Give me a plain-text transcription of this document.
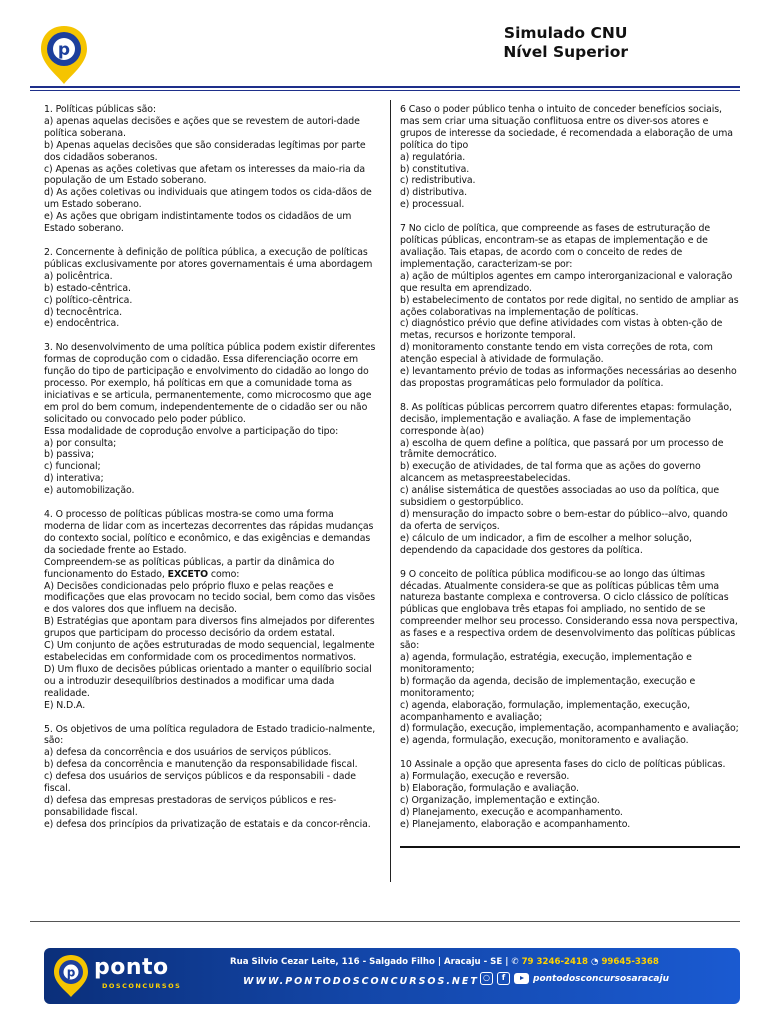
p
Simulado CNU
Nível Superior

1. Políticas públicas são:

a) apenas aquelas decisões e ações que se revestem de autori-dade política soberana.

b) Apenas aquelas decisões que são consideradas legítimas por parte dos cidadãos soberanos.

c) Apenas as ações coletivas que afetam os interesses da maio-ria da população de um Estado soberano.

d) As ações coletivas ou individuais que atingem todos os cida-dãos de um Estado soberano.

e) As ações que obrigam indistintamente todos os cidadãos de um Estado soberano.

2. Concernente à definição de política pública, a execução de políticas públicas exclusivamente por atores governamentais é uma abordagem

a) policêntrica.

b) estado-cêntrica.

c) político-cêntrica.

d) tecnocêntrica.

e) endocêntrica.

3. No desenvolvimento de uma política pública podem existir diferentes formas de coprodução com o cidadão. Essa diferenciação ocorre em função do tipo de participação e envolvimento do cidadão ao longo do processo. Por exemplo, há políticas em que a comunidade toma as iniciativas e se articula, permanentemente, como microcosmo que age em prol do bem comum, independentemente de o cidadão ser ou não solicitado ou convocado pelo poder público.

Essa modalidade de coprodução envolve a participação do tipo:

a) por consulta;

b) passiva;

c) funcional;

d) interativa;

e) automobilização.

4. O processo de políticas públicas mostra-se como uma forma moderna de lidar com as incertezas decorrentes das rápidas mudanças do contexto social, político e econômico, e das exigências e demandas da sociedade frente ao Estado.

Compreendem-se as políticas públicas, a partir da dinâmica do funcionamento do Estado, EXCETO como:

A) Decisões condicionadas pelo próprio fluxo e pelas reações e modificações que elas provocam no tecido social, bem como das visões e dos valores dos que influem na decisão.

B) Estratégias que apontam para diversos fins almejados por diferentes grupos que participam do processo decisório da ordem estatal.

C) Um conjunto de ações estruturadas de modo sequencial, legalmente estabelecidas em conformidade com os procedimentos normativos.

D) Um fluxo de decisões públicas orientado a manter o equilíbrio social ou a introduzir desequilíbrios destinados a modificar uma dada realidade.

E) N.D.A.

5. Os objetivos de uma política reguladora de Estado tradicio-nalmente, são:

a) defesa da concorrência e dos usuários de serviços públicos.

b) defesa da concorrência e manutenção da responsabilidade fiscal.

c) defesa dos usuários de serviços públicos e da responsabili - dade fiscal.

d) defesa das empresas prestadoras de serviços públicos e res-ponsabilidade fiscal.

e) defesa dos princípios da privatização de estatais e da concor-rência.

6 Caso o poder público tenha o intuito de conceder benefícios sociais, mas sem criar uma situação conflituosa entre os diver-sos atores e grupos de interesse da sociedade, é recomendada a elaboração de uma política do tipo

a) regulatória.

b) constitutiva.

c) redistributiva.

d) distributiva.

e) processual.

7 No ciclo de política, que compreende as fases de estruturação de políticas públicas, encontram-se as etapas de implementação e de avaliação. Tais etapas, de acordo com o conceito de redes de implementação, caracterizam-se por:

a) ação de múltiplos agentes em campo interorganizacional e valoração que resulta em aprendizado.

b) estabelecimento de contatos por rede digital, no sentido de ampliar as ações colaborativas na implementação de políticas.

c) diagnóstico prévio que define atividades com vistas à obten-ção de metas, recursos e horizonte temporal.

d) monitoramento constante tendo em vista correções de rota, com atenção especial à atividade de formulação.

e) levantamento prévio de todas as informações necessárias ao desenho das propostas programáticas pelo formulador da política.

8. As políticas públicas percorrem quatro diferentes etapas: formulação, decisão, implementação e avaliação. A fase de implementação corresponde à(ao)

a) escolha de quem define a política, que passará por um processo de trâmite democrático.

b) execução de atividades, de tal forma que as ações do governo alcancem as metaspreestabelecidas.

c) análise sistemática de questões associadas ao uso da política, que subsidiem o gestorpúblico.

d) mensuração do impacto sobre o bem-estar do público--alvo, quando da oferta de serviços.

e) cálculo de um indicador, a fim de escolher a melhor solução, dependendo da capacidade dos gestores da política.

9 O conceito de política pública modificou-se ao longo das últimas décadas. Atualmente considera-se que as políticas públicas têm uma natureza bastante complexa e controversa. O ciclo clássico de políticas públicas que englobava três etapas foi ampliado, no sentido de se compreender melhor seu processo. Considerando essa nova perspectiva, as fases e a respectiva ordem de desenvolvimento das políticas públicas são:

a) agenda, formulação, estratégia, execução, implementação e monitoramento;

b) formação da agenda, decisão de implementação, execução e monitoramento;

c) agenda, elaboração, formulação, implementação, execução, acompanhamento e avaliação;

d) formulação, execução, implementação, acompanhamento e avaliação;

e) agenda, formulação, execução, monitoramento e avaliação.

10 Assinale a opção que apresenta fases do ciclo de políticas públicas.

a) Formulação, execução e reversão.

b) Elaboração, formulação e avaliação.

c) Organização, implementação e extinção.

d) Planejamento, execução e acompanhamento.

e) Planejamento, elaboração e acompanhamento.

p ponto
DOSCONCURSOS
Rua Silvio Cezar Leite, 116 - Salgado Filho | Aracaju - SE | ✆ 79 3246-2418 ◔ 99645-3368
WWW.PONTODOSCONCURSOS.NET ○	f	pontodosconcursosaracaju
